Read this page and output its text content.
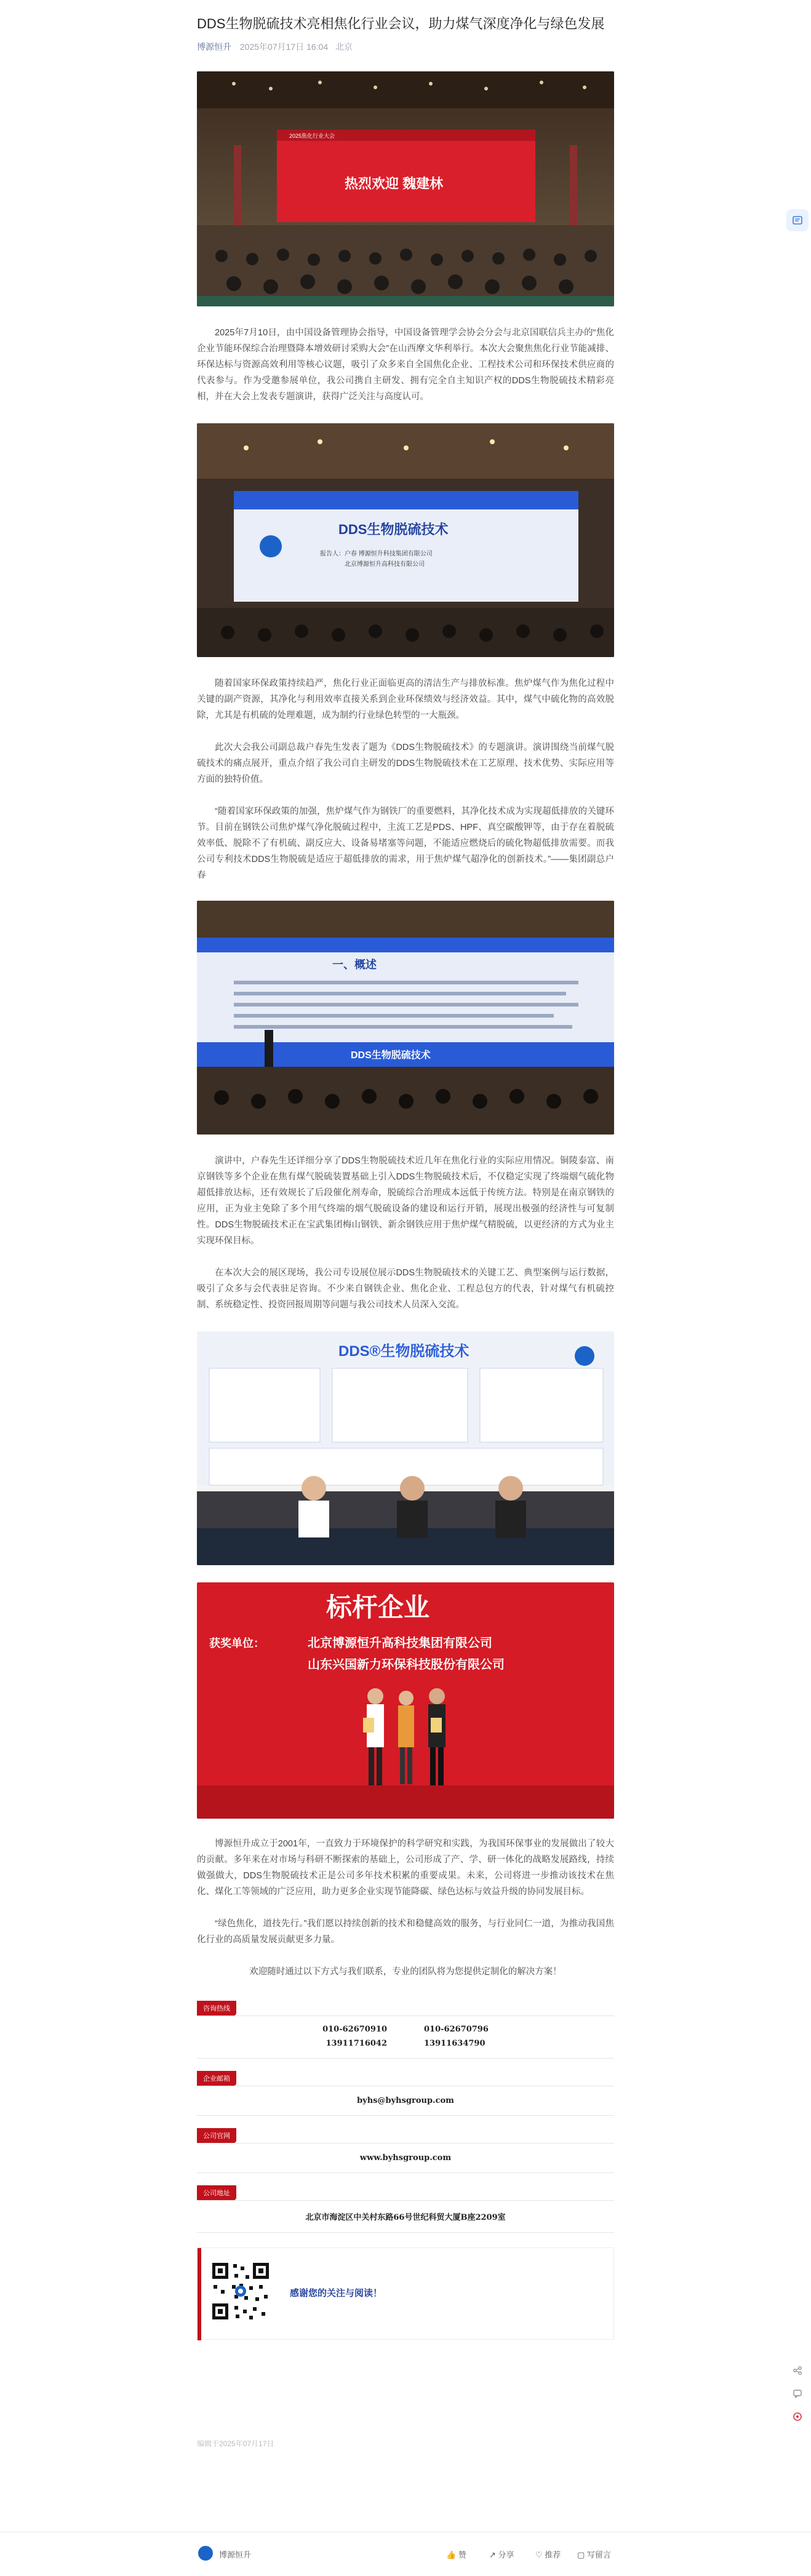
DDS生物脱硫技术亮相焦化行业会议，助力煤气深度净化与绿色发展
博源恒升 2025年07月17日 16:04 北京
2025焦化行业大会
热烈欢迎 魏建林

2025年7月10日，由中国设备管理协会指导，中国设备管理学会协会分会与北京国联信兵主办的“焦化企业节能环保综合治理暨降本增效研讨采购大会”在山西摩文华利举行。本次大会聚焦焦化行业节能减排、环保达标与资源高效利用等核心议题，吸引了众多来自全国焦化企业、工程技术公司和环保技术供应商的代表参与。作为受邀参展单位，我公司携自主研发、拥有完全自主知识产权的DDS生物脱硫技术精彩亮相，并在大会上发表专题演讲，获得广泛关注与高度认可。

DDS生物脱硫技术
报告人：户春 博源恒升科技集团有限公司
北京博源恒升高科技有限公司

随着国家环保政策持续趋严，焦化行业正面临更高的清洁生产与排放标准。焦炉煤气作为焦化过程中关键的副产资源，其净化与利用效率直接关系到企业环保绩效与经济效益。其中，煤气中硫化物的高效脱除，尤其是有机硫的处理难题，成为制约行业绿色转型的一大瓶颈。

此次大会我公司副总裁户春先生发表了题为《DDS生物脱硫技术》的专题演讲。演讲围绕当前煤气脱硫技术的痛点展开，重点介绍了我公司自主研发的DDS生物脱硫技术在工艺原理、技术优势、实际应用等方面的独特价值。

“随着国家环保政策的加强，焦炉煤气作为钢铁厂的重要燃料，其净化技术成为实现超低排放的关键环节。目前在钢铁公司焦炉煤气净化脱硫过程中，主流工艺是PDS、HPF、真空碳酸钾等，由于存在着脱硫效率低、脱除不了有机硫、副反应大、设备易堵塞等问题，不能适应燃烧后的硫化物超低排放需要。而我公司专利技术DDS生物脱硫是适应于超低排放的需求，用于焦炉煤气超净化的创新技术。”——集团副总户春

一、概述
DDS生物脱硫技术

演讲中，户春先生还详细分享了DDS生物脱硫技术近几年在焦化行业的实际应用情况。铜陵泰富、南京钢铁等多个企业在焦有煤气脱硫装置基础上引入DDS生物脱硫技术后，不仅稳定实现了终端烟气硫化物超低排放达标，还有效规长了后段催化剂寿命，脱硫综合治理成本远低于传统方法。特别是在南京钢铁的应用，正为业主免除了多个用气终端的烟气脱硫设备的建设和运行开销，展现出极强的经济性与可复制性。DDS生物脱硫技术正在宝武集团梅山钢铁、新余钢铁应用于焦炉煤气精脱硫，以更经济的方式为业主实现环保目标。

在本次大会的展区现场，我公司专设展位展示DDS生物脱硫技术的关键工艺、典型案例与运行数据，吸引了众多与会代表驻足咨询。不少来自钢铁企业、焦化企业、工程总包方的代表，针对煤气有机硫控制、系统稳定性、投资回报周期等问题与我公司技术人员深入交流。

DDS®生物脱硫技术
标杆企业
获奖单位：	北京博源恒升高科技集团有限公司
山东兴国新力环保科技股份有限公司

博源恒升成立于2001年，一直致力于环境保护的科学研究和实践，为我国环保事业的发展做出了较大的贡献。多年来在对市场与科研不断探索的基础上，公司形成了产、学、研一体化的战略发展路线，持续做强做大，DDS生物脱硫技术正是公司多年技术积累的重要成果。未来，公司将进一步推动该技术在焦化、煤化工等领域的广泛应用，助力更多企业实现节能降碳、绿色达标与效益升级的协同发展目标。

“绿色焦化，道技先行。”我们愿以持续创新的技术和稳健高效的服务，与行业同仁一道，为推动我国焦化行业的高质量发展贡献更多力量。

欢迎随时通过以下方式与我们联系，专业的团队将为您提供定制化的解决方案！

咨询热线
010-62670910	010-62670796
13911716042	13911634790
企业邮箱
byhs@byhsgroup.com
公司官网
www.byhsgroup.com
公司地址
北京市海淀区中关村东路66号世纪科贸大厦B座2209室
感谢您的关注与阅读！
编辑于2025年07月17日
博源恒升	👍 赞	↗ 分享	♡ 推荐 ▢ 写留言
